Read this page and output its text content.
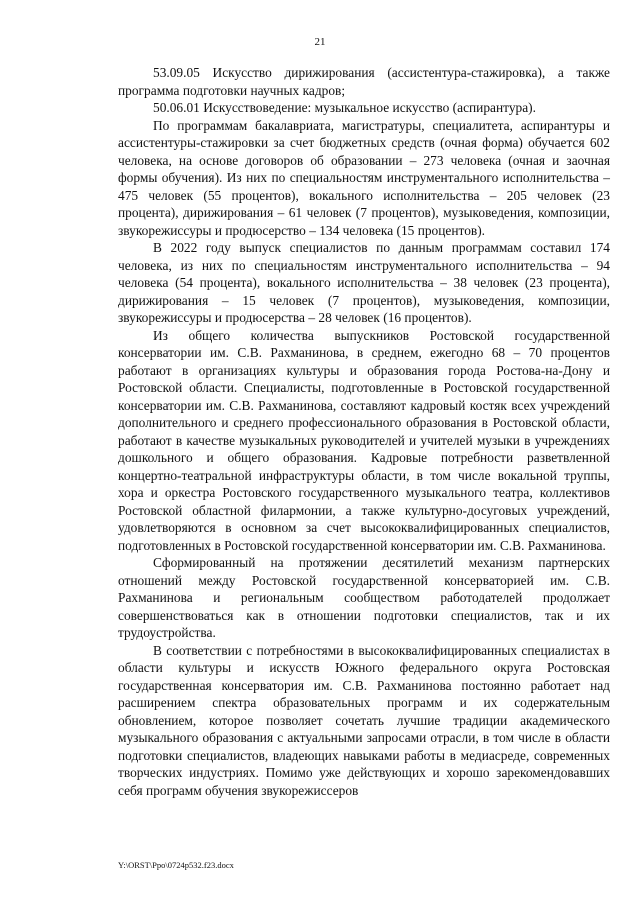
21

53.09.05 Искусство дирижирования (ассистентура-стажировка), а также программа подготовки научных кадров;

50.06.01 Искусствоведение: музыкальное искусство (аспирантура).

По программам бакалавриата, магистратуры, специалитета, аспирантуры и ассистентуры-стажировки за счет бюджетных средств (очная форма) обучается 602 человека, на основе договоров об образовании – 273 человека (очная и заочная формы обучения). Из них по специальностям инструментального исполнительства – 475 человек (55 процентов), вокального исполнительства – 205 человек (23 процента), дирижирования – 61 человек (7 процентов), музыковедения, композиции, звукорежиссуры и продюсерство – 134 человека (15 процентов).

В 2022 году выпуск специалистов по данным программам составил 174 человека, из них по специальностям инструментального исполнительства – 94 человека (54 процента), вокального исполнительства – 38 человек (23 процента), дирижирования – 15 человек (7 процентов), музыковедения, композиции, звукорежиссуры и продюсерства – 28 человек (16 процентов).

Из общего количества выпускников Ростовской государственной консерватории им. С.В. Рахманинова, в среднем, ежегодно 68 – 70 процентов работают в организациях культуры и образования города Ростова-на-Дону и Ростовской области. Специалисты, подготовленные в Ростовской государственной консерватории им. С.В. Рахманинова, составляют кадровый костяк всех учреждений дополнительного и среднего профессионального образования в Ростовской области, работают в качестве музыкальных руководителей и учителей музыки в учреждениях дошкольного и общего образования. Кадровые потребности разветвленной концертно-театральной инфраструктуры области, в том числе вокальной труппы, хора и оркестра Ростовского государственного музыкального театра, коллективов Ростовской областной филармонии, а также культурно-досуговых учреждений, удовлетворяются в основном за счет высококвалифицированных специалистов, подготовленных в Ростовской государственной консерватории им. С.В. Рахманинова.

Сформированный на протяжении десятилетий механизм партнерских отношений между Ростовской государственной консерваторией им. С.В. Рахманинова и региональным сообществом работодателей продолжает совершенствоваться как в отношении подготовки специалистов, так и их трудоустройства.

В соответствии с потребностями в высококвалифицированных специалистах в области культуры и искусств Южного федерального округа Ростовская государственная консерватория им. С.В. Рахманинова постоянно работает над расширением спектра образовательных программ и их содержательным обновлением, которое позволяет сочетать лучшие традиции академического музыкального образования с актуальными запросами отрасли, в том числе в области подготовки специалистов, владеющих навыками работы в медиасреде, современных творческих индустриях. Помимо уже действующих и хорошо зарекомендовавших себя программ обучения звукорежиссеров

Y:\ORST\Ppo\0724p532.f23.docx
